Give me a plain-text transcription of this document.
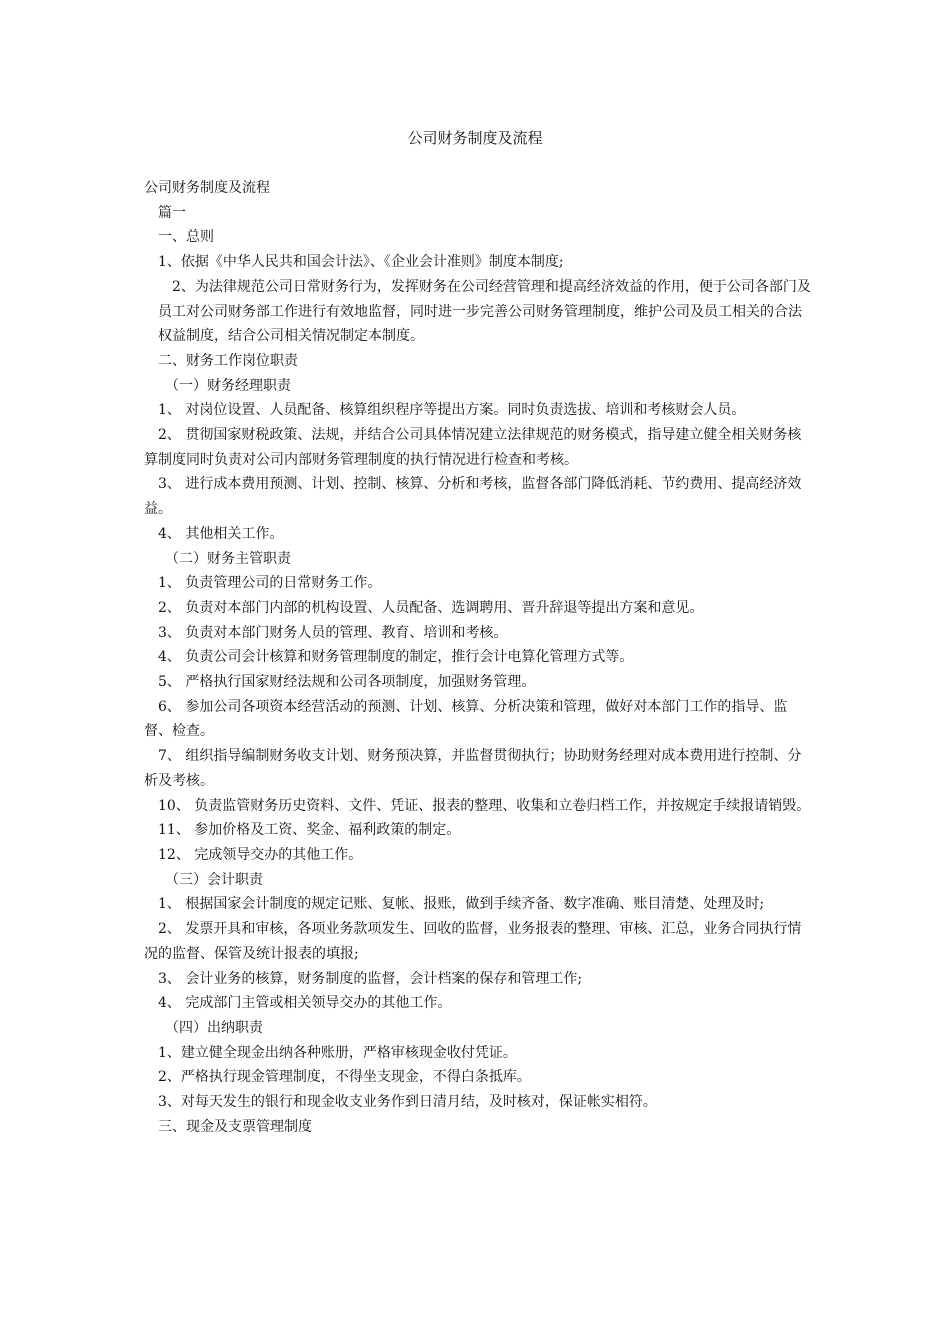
公司财务制度及流程

公司财务制度及流程

篇一

一、总则

1、依据《中华人民共和国会计法》、《企业会计准则》制度本制度;

2、为法律规范公司日常财务行为，发挥财务在公司经营管理和提高经济效益的作用，便于公司各部门及员工对公司财务部工作进行有效地监督，同时进一步完善公司财务管理制度，维护公司及员工相关的合法权益制度，结合公司相关情况制定本制度。

二、财务工作岗位职责

（一）财务经理职责

1、 对岗位设置、人员配备、核算组织程序等提出方案。同时负责选拔、培训和考核财会人员。

2、 贯彻国家财税政策、法规，并结合公司具体情况建立法律规范的财务模式，指导建立健全相关财务核算制度同时负责对公司内部财务管理制度的执行情况进行检查和考核。

3、 进行成本费用预测、计划、控制、核算、分析和考核，监督各部门降低消耗、节约费用、提高经济效益。

4、 其他相关工作。

（二）财务主管职责

1、 负责管理公司的日常财务工作。

2、 负责对本部门内部的机构设置、人员配备、选调聘用、晋升辞退等提出方案和意见。

3、 负责对本部门财务人员的管理、教育、培训和考核。

4、 负责公司会计核算和财务管理制度的制定，推行会计电算化管理方式等。

5、 严格执行国家财经法规和公司各项制度，加强财务管理。

6、 参加公司各项资本经营活动的预测、计划、核算、分析决策和管理，做好对本部门工作的指导、监督、检查。

7、 组织指导编制财务收支计划、财务预决算，并监督贯彻执行；协助财务经理对成本费用进行控制、分析及考核。

10、 负责监管财务历史资料、文件、凭证、报表的整理、收集和立卷归档工作，并按规定手续报请销毁。

11、 参加价格及工资、奖金、福利政策的制定。

12、 完成领导交办的其他工作。

（三）会计职责

1、 根据国家会计制度的规定记账、复帐、报账，做到手续齐备、数字准确、账目清楚、处理及时;

2、 发票开具和审核，各项业务款项发生、回收的监督，业务报表的整理、审核、汇总，业务合同执行情况的监督、保管及统计报表的填报;

3、 会计业务的核算，财务制度的监督，会计档案的保存和管理工作;

4、 完成部门主管或相关领导交办的其他工作。

（四）出纳职责

1、建立健全现金出纳各种账册，严格审核现金收付凭证。

2、严格执行现金管理制度，不得坐支现金，不得白条抵库。

3、对每天发生的银行和现金收支业务作到日清月结，及时核对，保证帐实相符。

三、现金及支票管理制度
